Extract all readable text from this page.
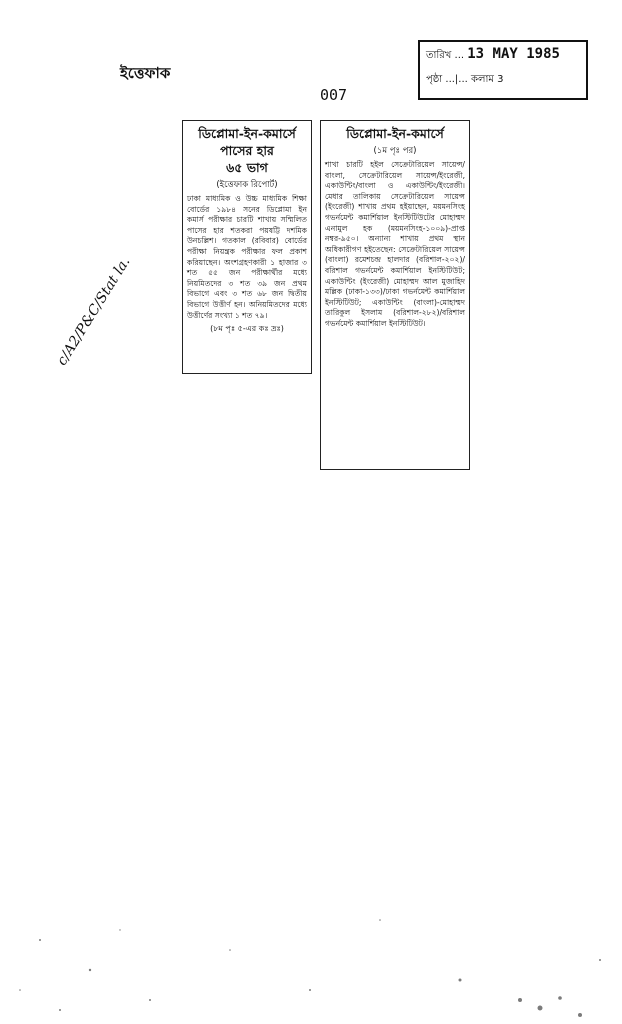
ইত্তেফাক
তারিখ ... 13 MAY 1985
পৃষ্ঠা ...|... কলাম 3
007
ডিপ্লোমা-ইন-কমার্সে
পাসের হার
৬৫ ভাগ
(ইত্তেফাক রিপোর্ট)
ঢাকা মাধ্যমিক ও উচ্চ মাধ্যমিক শিক্ষা বোর্ডের ১৯৮৪ সনের ডিপ্লোমা ইন কমার্স পরীক্ষার চারটি শাখায় সম্মিলিত পাসের হার শতকরা পয়ষট্টি দশমিক উনচল্লিশ। গতকাল (রবিবার) বোর্ডের পরীক্ষা নিয়ন্ত্রক পরীক্ষার ফল প্রকাশ করিয়াছেন। অংশগ্রহণকারী ১ হাজার ৩ শত ৫৫ জন পরীক্ষার্থীর মধ্যে নিয়মিতদের ৩ শত ৩৯ জন প্রথম বিভাগে এবং ৩ শত ৬৮ জন দ্বিতীয় বিভাগে উত্তীর্ণ হন। অনিয়মিতদের মধ্যে উত্তীর্ণের সংখ্যা ১ শত ৭৯।
(৮ম পৃঃ ৫-এর কঃ দ্রঃ)
ডিপ্লোমা-ইন-কমার্সে
(১ম পৃঃ পর)
শাখা চারটি হইল সেক্রেটারিয়েল সায়েন্স/বাংলা, সেক্রেটারিয়েল সায়েন্স/ইংরেজী, একাউন্টিং/বাংলা ও একাউন্টিং/ইংরেজী। মেধার তালিকায় সেক্রেটারিয়েল সায়েন্স (ইংরেজী) শাখায় প্রথম হইয়াছেন, ময়মনসিংহ গভর্নমেন্ট কমার্শিয়াল ইনস্টিটিউটের মোহাম্মদ এনামুল হক (ময়মনসিংহ-১০০৯)-প্রাপ্ত নম্বর-৯৫০। অন্যান্য শাখায় প্রথম স্থান অধিকারীগণ হইতেছেন: সেক্রেটারিয়েল সায়েন্স (বাংলা) রমেশচন্দ্র হালদার (বরিশাল-২০২)/বরিশাল গভর্নমেন্ট কমার্শিয়াল ইনস্টিটিউট; একাউন্টিং (ইংরেজী) মোহাম্মদ আল মুজাহিদ মল্লিক (ঢাকা-১৩৩)/ঢাকা গভর্নমেন্ট কমার্শিয়াল ইনস্টিটিউট; একাউন্টিং (বাংলা)-মোহাম্মদ তারিকুল ইসলাম (বরিশাল-২৮২)/বরিশাল গভর্নমেন্ট কমার্শিয়াল ইনস্টিটিউট।
c/A2/P&C/Stat la.
